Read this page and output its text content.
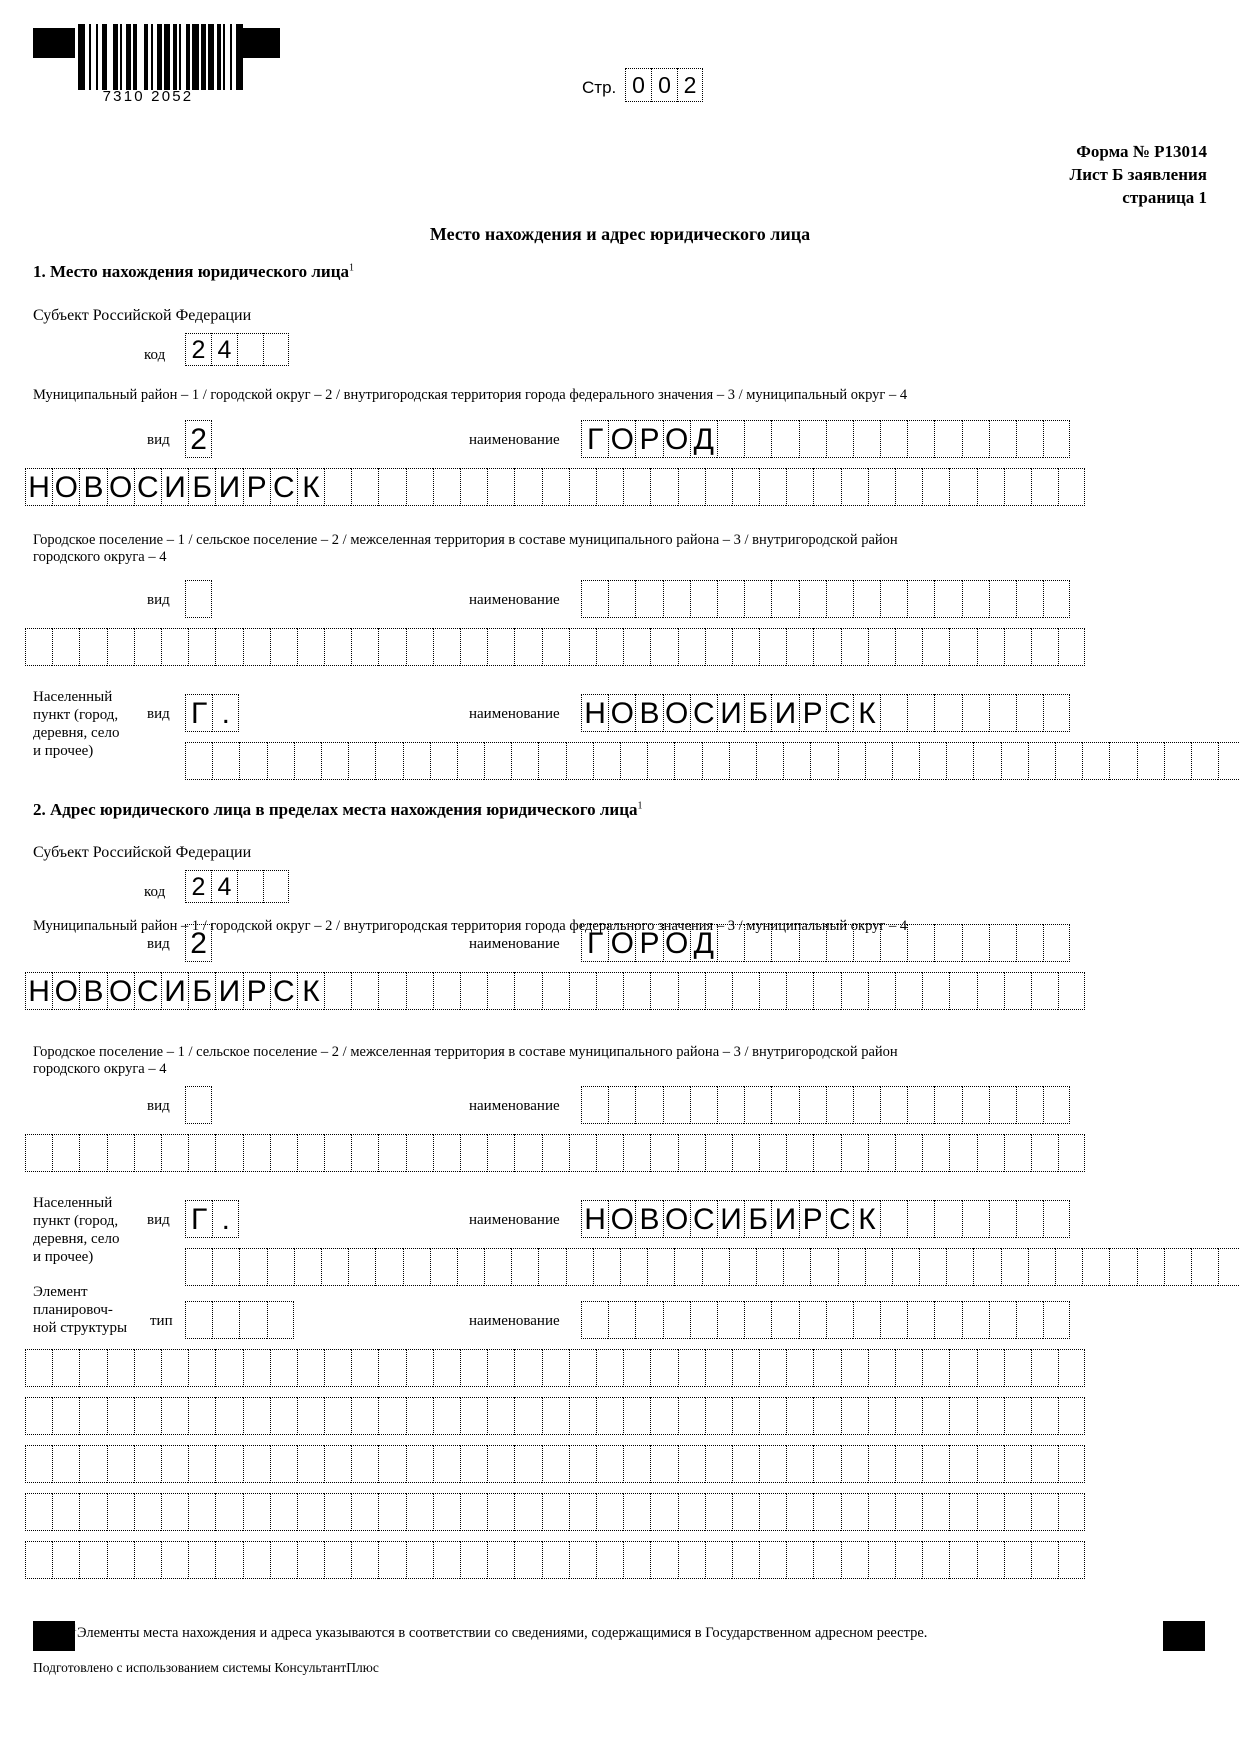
7310 2052	Стр. 0 0 2
Форма № Р13014
Лист Б заявления
страница 1
Место нахождения и адрес юридического лица
1. Место нахождения юридического лица$^1$
Субъект Российской Федерации
код 2 4
Муниципальный район – 1 / городской округ – 2 / внутригородская территория города федерального значения – 3 / муниципальный округ – 4
вид 2	наименование Г О Р О Д
Н О В О С И Б И Р С К
Городское поселение – 1 / сельское поселение – 2 / межселенная территория в составе муниципального района – 3 / внутригородской район
городского округа – 4
вид	наименование
Населенный
пункт (город,
деревня, село
и прочее)
вид Г .	наименование Н О В О С И Б И Р С К
2. Адрес юридического лица в пределах места нахождения юридического лица$^1$
Субъект Российской Федерации
код 2 4
Муниципальный район – 1 / городской округ – 2 / внутригородская территория города федерального значения – 3 / муниципальный округ – 4
вид 2	наименование Г О Р О Д
Н О В О С И Б И Р С К
Городское поселение – 1 / сельское поселение – 2 / межселенная территория в составе муниципального района – 3 / внутригородской район
городского округа – 4
вид	наименование
Населенный
пункт (город,
деревня, село
и прочее)
вид Г .	наименование Н О В О С И Б И Р С К
Элемент
планировоч-
ной структуры	тип	наименование
$^1$Элементы места нахождения и адреса указываются в соответствии со сведениями, содержащимися в Государственном адресном реестре.
Подготовлено с использованием системы КонсультантПлюс
